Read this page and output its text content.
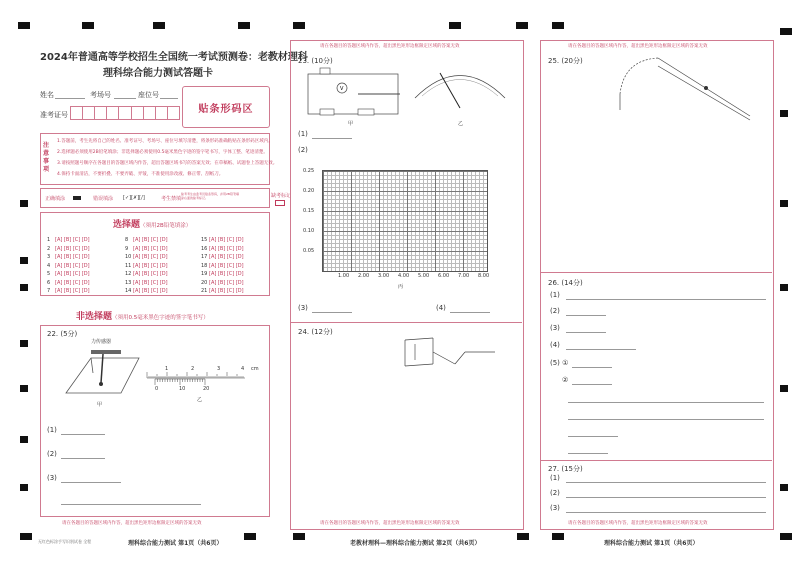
2024年普通高等学校招生全国统一考试预测卷：老教材理科
理科综合能力测试答题卡
姓名	考场号	座位号
准考证号
贴条形码区
注意事项
1.答题前，考生先将自己的姓名、准考证号、考场号、座位号填写清楚，将条形码准确粘贴在条形码区域内。
2.选择题必须使用2B铅笔填涂；非选择题必须使用0.5毫米黑色字迹的签字笔书写，字体工整、笔迹清楚。
3.请按照题号顺序在各题目的答题区域内作答，超出答题区域书写的答案无效；在草稿纸、试题卷上答题无效。
4.保持卡面清洁，不要折叠、不要弄破、弄皱，不准使用涂改液、修正带、刮纸刀。
正确填涂	错误填涂 [✓][✗][/]	考生禁填
缺考考生由监考员贴条形码，并用2B铅笔填涂右面的缺考标记。	缺考标记
选择题（须用2B铅笔填涂）
1 [A] [B] [C] [D]
2 [A] [B] [C] [D]
3 [A] [B] [C] [D]
4 [A] [B] [C] [D]
5 [A] [B] [C] [D]
6 [A] [B] [C] [D]
7 [A] [B] [C] [D]
8 [A] [B] [C] [D]
9 [A] [B] [C] [D]
10 [A] [B] [C] [D]
11 [A] [B] [C] [D]
12 [A] [B] [C] [D]
13 [A] [B] [C] [D]
14 [A] [B] [C] [D]
15 [A] [B] [C] [D]
16 [A] [B] [C] [D]
17 [A] [B] [C] [D]
18 [A] [B] [C] [D]
19 [A] [B] [C] [D]
20 [A] [B] [C] [D]
21 [A] [B] [C] [D]
非选择题（须用0.5毫米黑色字迹的签字笔书写）
22. (5分)
力传感器
甲
1	2	3	4 cm
0	10	20
乙
(1)
(2)
(3)
请在各题目的答题区域内作答，超出黑色矩形边框限定区域的答案无效
理科综合能力测试 第1页（共6页）
无红色标涂手写识别试卷 全程
请在各题目的答题区域内作答，超出黑色矩形边框限定区域的答案无效
23. (10分)
V
甲	乙
(1)
(2)
0.25
0.20
0.15
0.10
0.05
1.00 2.00 3.00 4.00 5.00 6.00 7.00 8.00
丙
(3)	(4)
24. (12分)
请在各题目的答题区域内作答，超出黑色矩形边框限定区域的答案无效
老教材理科—理科综合能力测试 第2页（共6页）
请在各题目的答题区域内作答，超出黑色矩形边框限定区域的答案无效
25. (20分)
26. (14分)
(1)
(2)
(3)
(4)
(5) ①
②
27. (15分)
(1)
(2)
(3)
请在各题目的答题区域内作答，超出黑色矩形边框限定区域的答案无效
理科综合能力测试 第1页（共6页）
